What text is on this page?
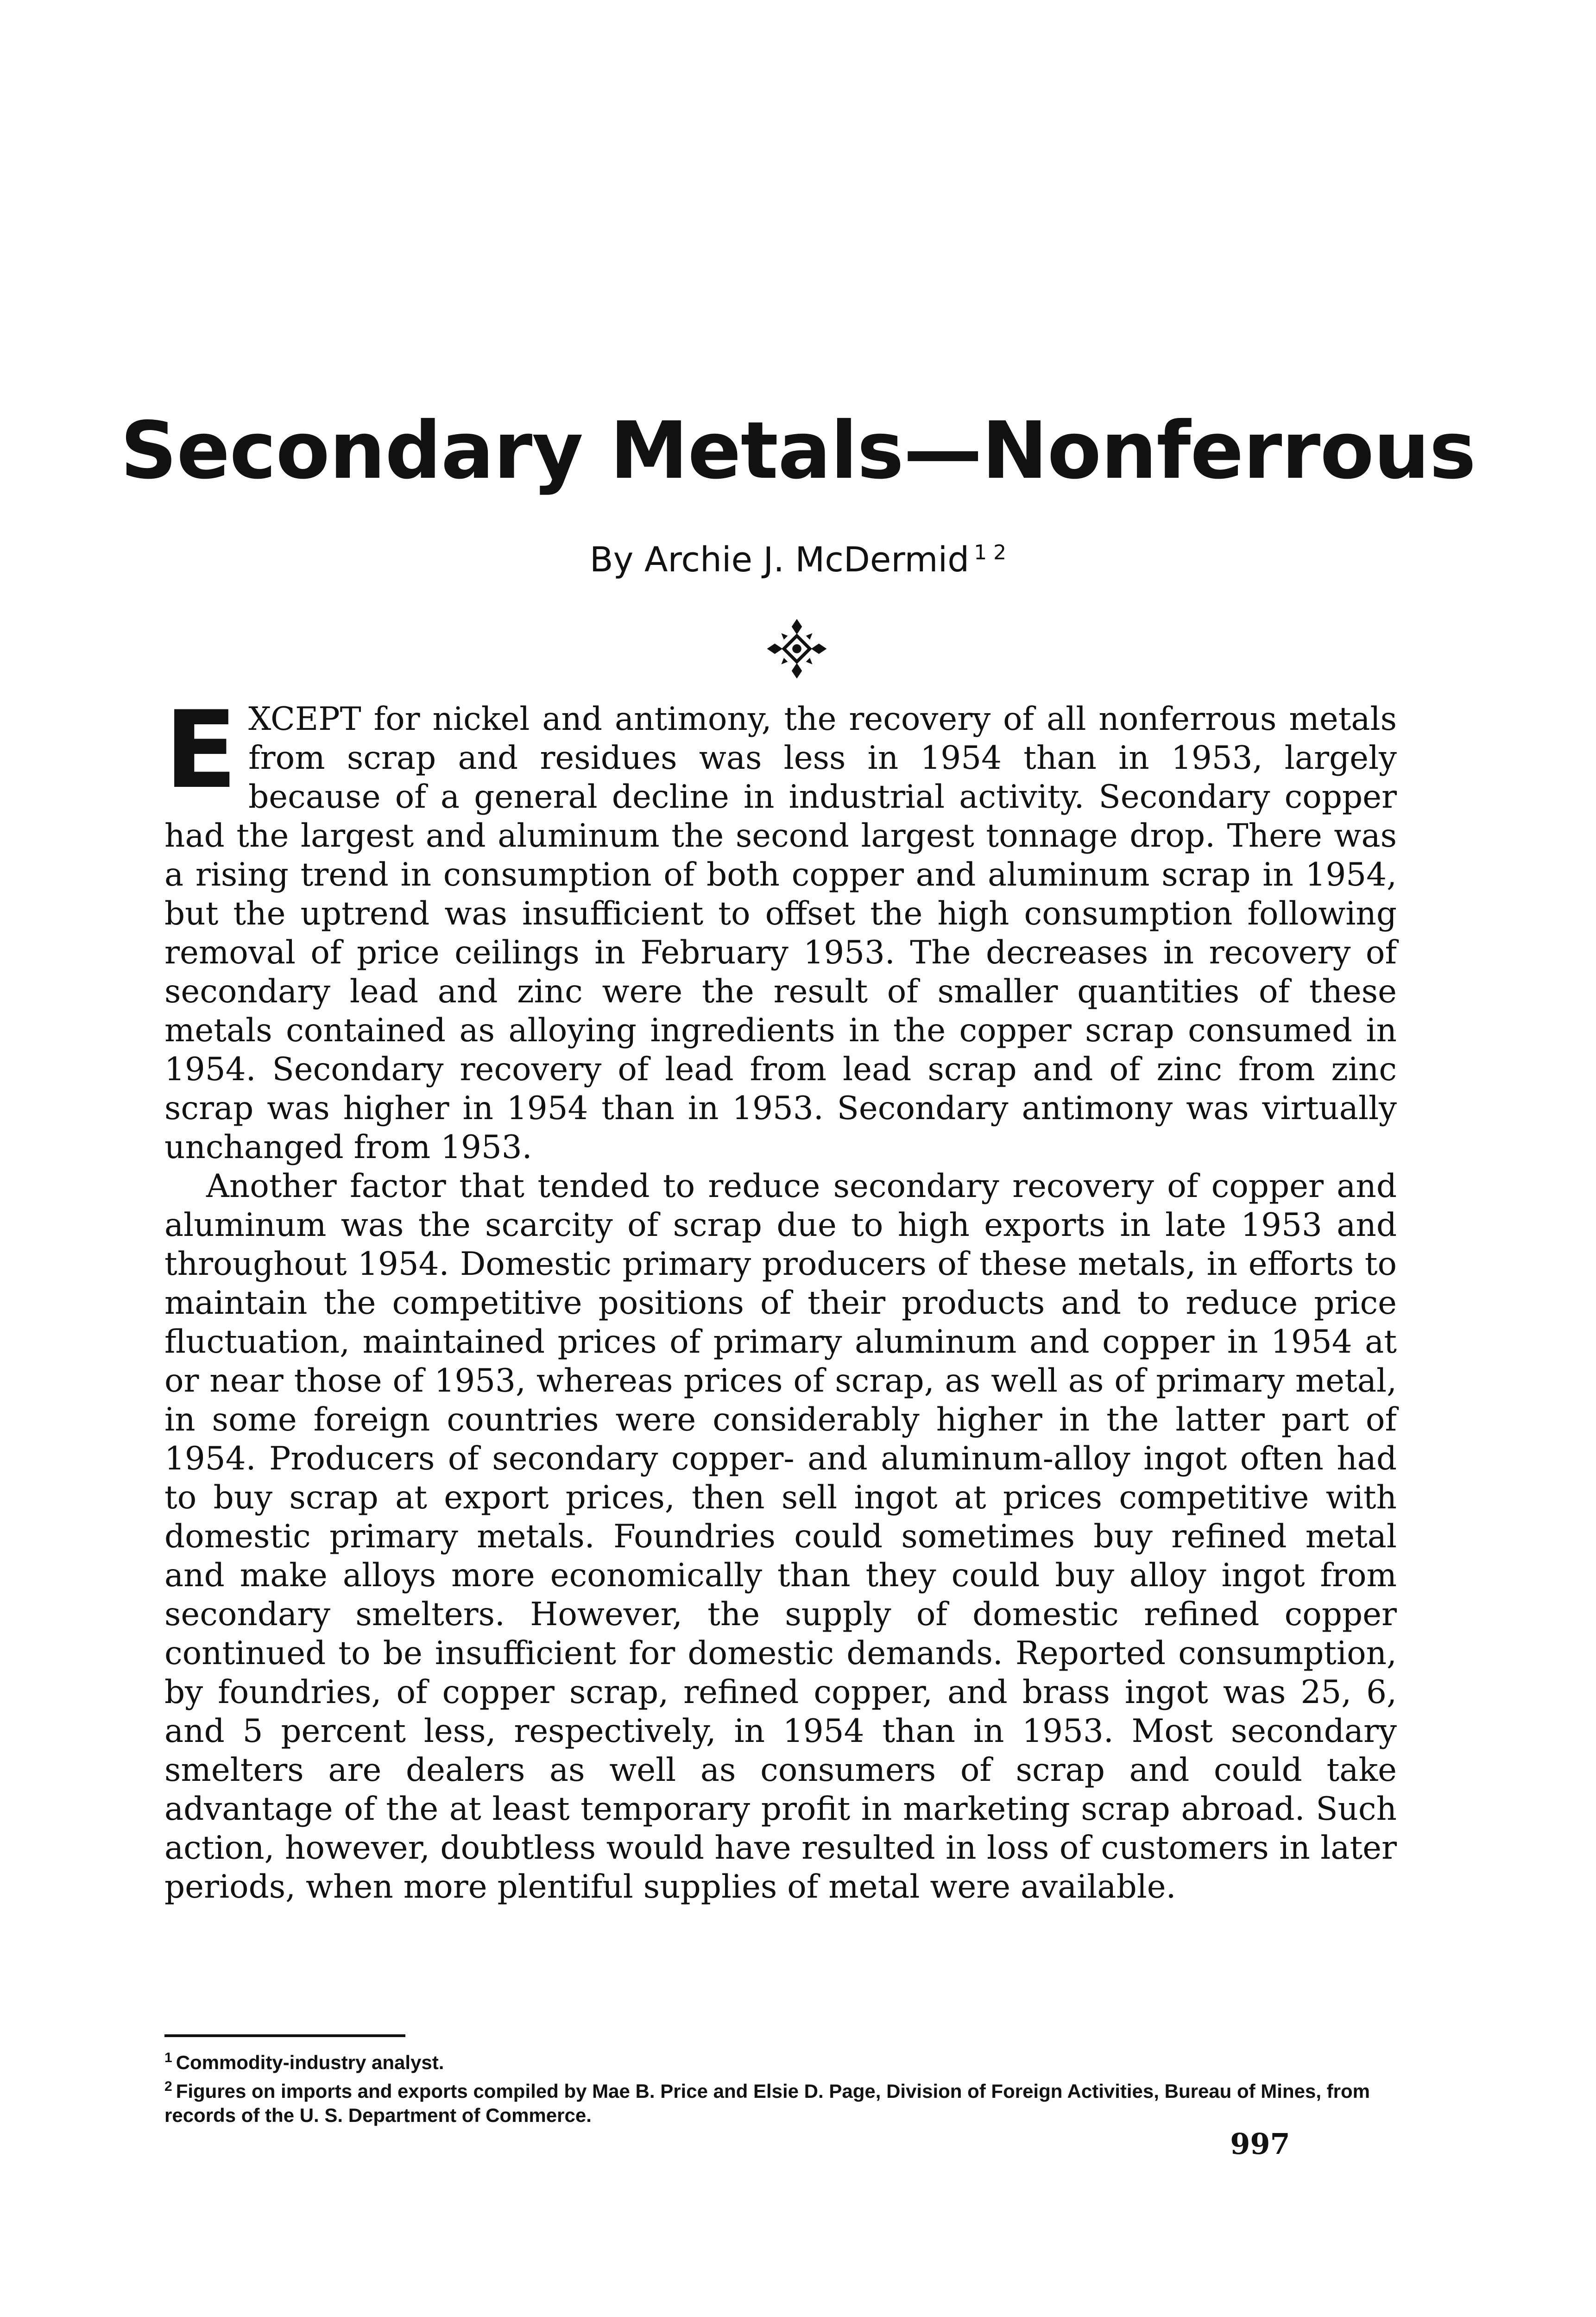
Secondary Metals—Nonferrous

By Archie J. McDermid $^{1 2}$

EXCEPT for nickel and antimony, the recovery of all nonferrous metals from scrap and residues was less in 1954 than in 1953, largely because of a general decline in industrial activity. Secondary copper had the largest and aluminum the second largest tonnage drop. There was a rising trend in consumption of both copper and aluminum scrap in 1954, but the uptrend was insufficient to offset the high consumption following removal of price ceilings in February 1953. The decreases in recovery of secondary lead and zinc were the result of smaller quantities of these metals contained as alloying ingredients in the copper scrap consumed in 1954. Secondary recovery of lead from lead scrap and of zinc from zinc scrap was higher in 1954 than in 1953. Secondary antimony was virtually unchanged from 1953.

Another factor that tended to reduce secondary recovery of copper and aluminum was the scarcity of scrap due to high exports in late 1953 and throughout 1954. Domestic primary producers of these metals, in efforts to maintain the competitive positions of their products and to reduce price fluctuation, maintained prices of primary aluminum and copper in 1954 at or near those of 1953, whereas prices of scrap, as well as of primary metal, in some foreign countries were considerably higher in the latter part of 1954. Producers of secondary copper- and aluminum-alloy ingot often had to buy scrap at export prices, then sell ingot at prices competitive with domestic primary metals. Foundries could sometimes buy refined metal and make alloys more economically than they could buy alloy ingot from secondary smelters. However, the supply of domestic refined copper continued to be insufficient for domestic demands. Reported consumption, by foundries, of copper scrap, refined copper, and brass ingot was 25, 6, and 5 percent less, respectively, in 1954 than in 1953. Most secondary smelters are dealers as well as consumers of scrap and could take advantage of the at least temporary profit in marketing scrap abroad. Such action, however, doubtless would have resulted in loss of customers in later periods, when more plentiful supplies of metal were available.

$^1$ Commodity-industry analyst.

$^2$ Figures on imports and exports compiled by Mae B. Price and Elsie D. Page, Division of Foreign Activities, Bureau of Mines, from records of the U. S. Department of Commerce.

997
